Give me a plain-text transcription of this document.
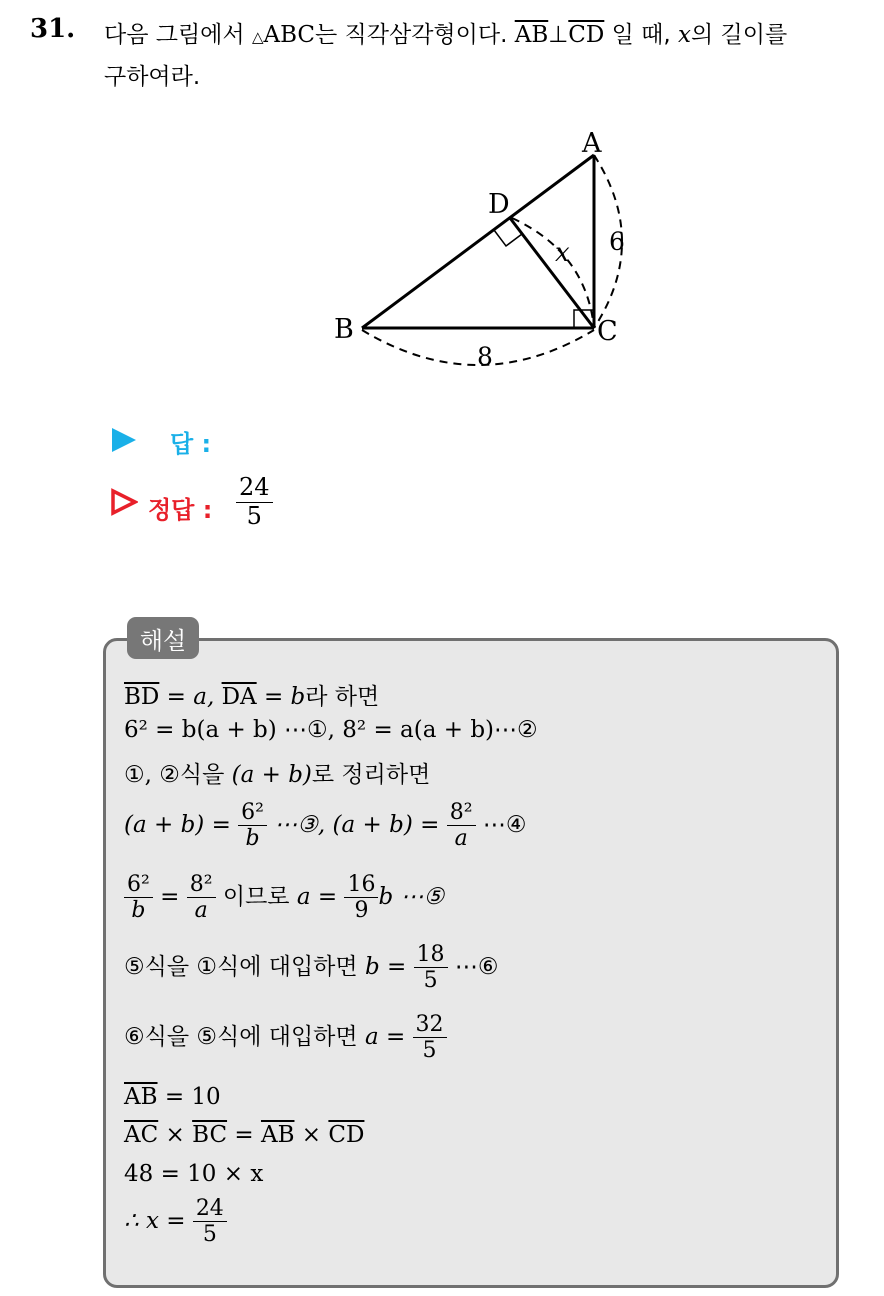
31. 다음 그림에서 △ABC는 직각삼각형이다. $\overline{AB}\perp\overline{CD}$ 일 때, x의 길이를
구하여라.
A
B	C
D
x 6
8
답 :
정답 : $\frac{24}{5}$
해설
$\overline{BD} = a$, $\overline{DA} = b$라 하면
6² = b(a + b) ⋯①, 8² = a(a + b)⋯②
①, ②식을 (a + b)로 정리하면
$(a + b) = \frac{\text{6²}}{b}$ ⋯③, $(a + b) = \frac{\text{8²}}{a}$ ⋯④
$\frac{\text{6²}}{b} = \frac{\text{8²}}{a}$ 이므로 $a = \frac{16}{9}$ b ⋯⑤
⑤식을 ①식에 대입하면 $b = \frac{18}{5}$ ⋯⑥
⑥식을 ⑤식에 대입하면 $a = \frac{32}{5}$
$\overline{AB} = 10$
$\overline{AC} \times \overline{BC} = \overline{AB} \times \overline{CD}$
48 = 10 × x
∴ $x = \frac{24}{5}$
